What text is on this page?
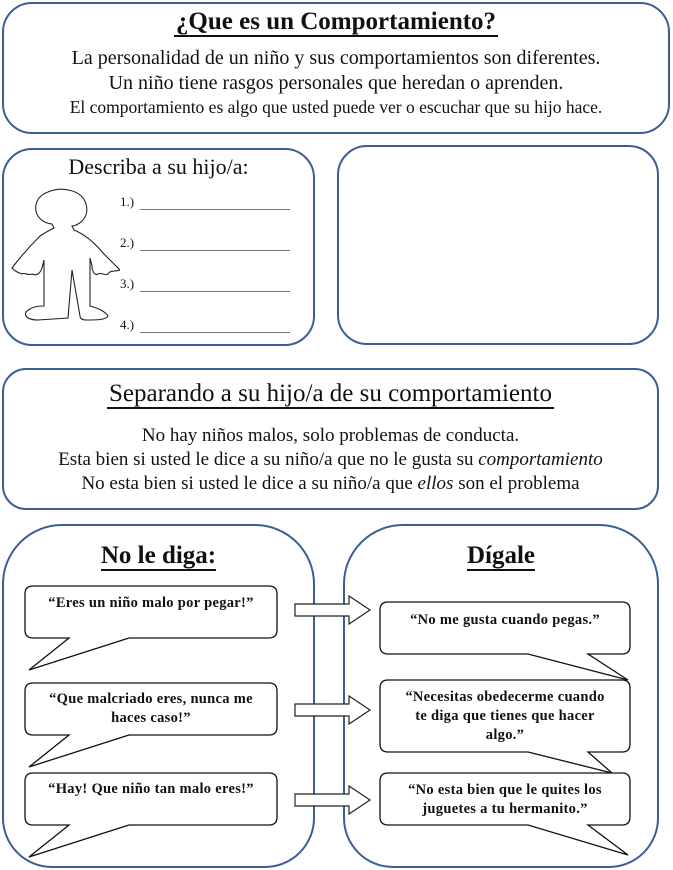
¿Que es un Comportamiento?
La personalidad de un niño y sus comportamientos son diferentes.
Un niño tiene rasgos personales que heredan o aprenden.
El comportamiento es algo que usted puede ver o escuchar que su hijo hace.
Describa a su hijo/a:
1.)
2.)
3.)
4.)
Separando a su hijo/a de su comportamiento
No hay niños malos, solo problemas de conducta.
Esta bien si usted le dice a su niño/a que no le gusta su comportamiento
No esta bien si usted le dice a su niño/a que ellos son el problema
No le diga:	Dígale
“Eres un niño malo por pegar!”
“Que malcriado eres, nunca me haces caso!”
“Hay! Que niño tan malo eres!”
“No me gusta cuando pegas.”
“Necesitas obedecerme cuando te diga que tienes que hacer algo.”
“No esta bien que le quites los juguetes a tu hermanito.”
